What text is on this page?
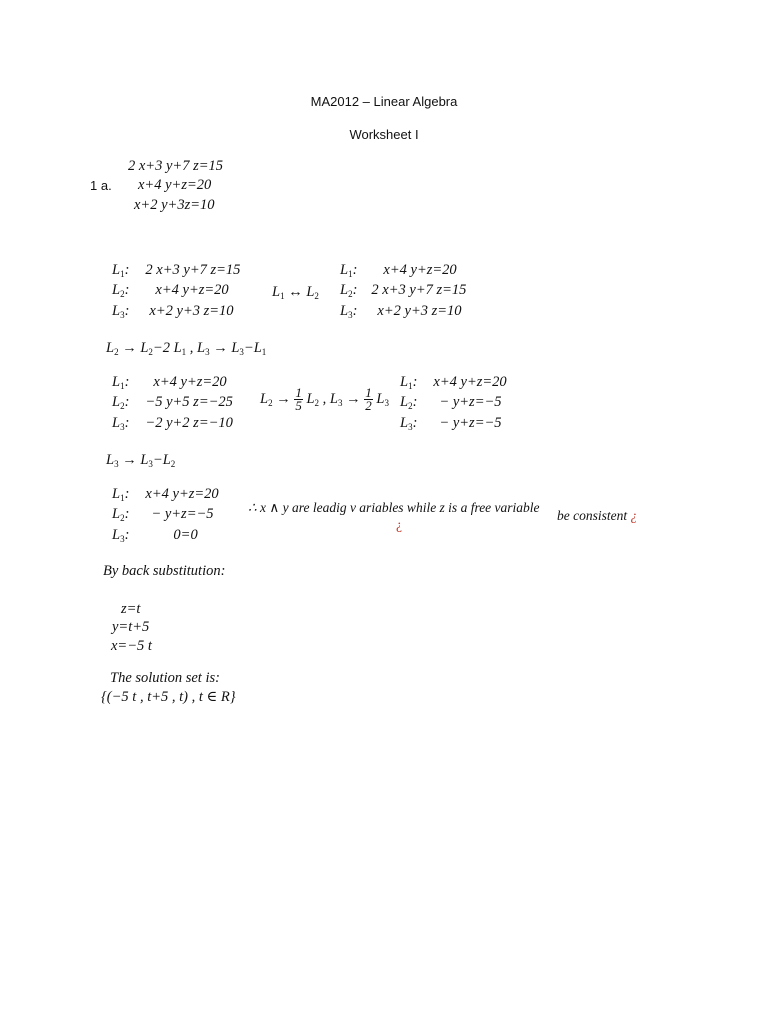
MA2012 – Linear Algebra
Worksheet I
1 a.
2 x+3 y+7 z=15
x+4 y+z=20
x+2 y+3z=10
$L_1$:	2 x+3 y+7 z=15
$L_2$:	x+4 y+z=20
$L_3$:	x+2 y+3 z=10
$L_1$ ↔ $L_2$
$L_1$:	x+4 y+z=20
$L_2$:	2 x+3 y+7 z=15
$L_3$:	x+2 y+3 z=10
$L_2 \to L_2-2$ $L_1$ , $L_3 \to L_3-L_1$
$L_1$:	x+4 y+z=20
$L_2$:	−5 y+5 z=−25
$L_3$:	−2 y+2 z=−10
$L_2 \to \frac{1}{5} L_2$ , $L_3 \to \frac{1}{2} L_3$
$L_1$:	x+4 y+z=20
$L_2$:	− y+z=−5
$L_3$:	− y+z=−5
$L_3 \to L_3-L_2$
$L_1$:	x+4 y+z=20
$L_2$:	− y+z=−5
$L_3$:	0=0
∴ x ∧ y are leadig v ariables while z is a free variable
be consistent ¿
¿
By back substitution:
z=t
y=t+5
x=−5 t
The solution set is:
{(−5 t , t+5 , t) , t ∈ R}
